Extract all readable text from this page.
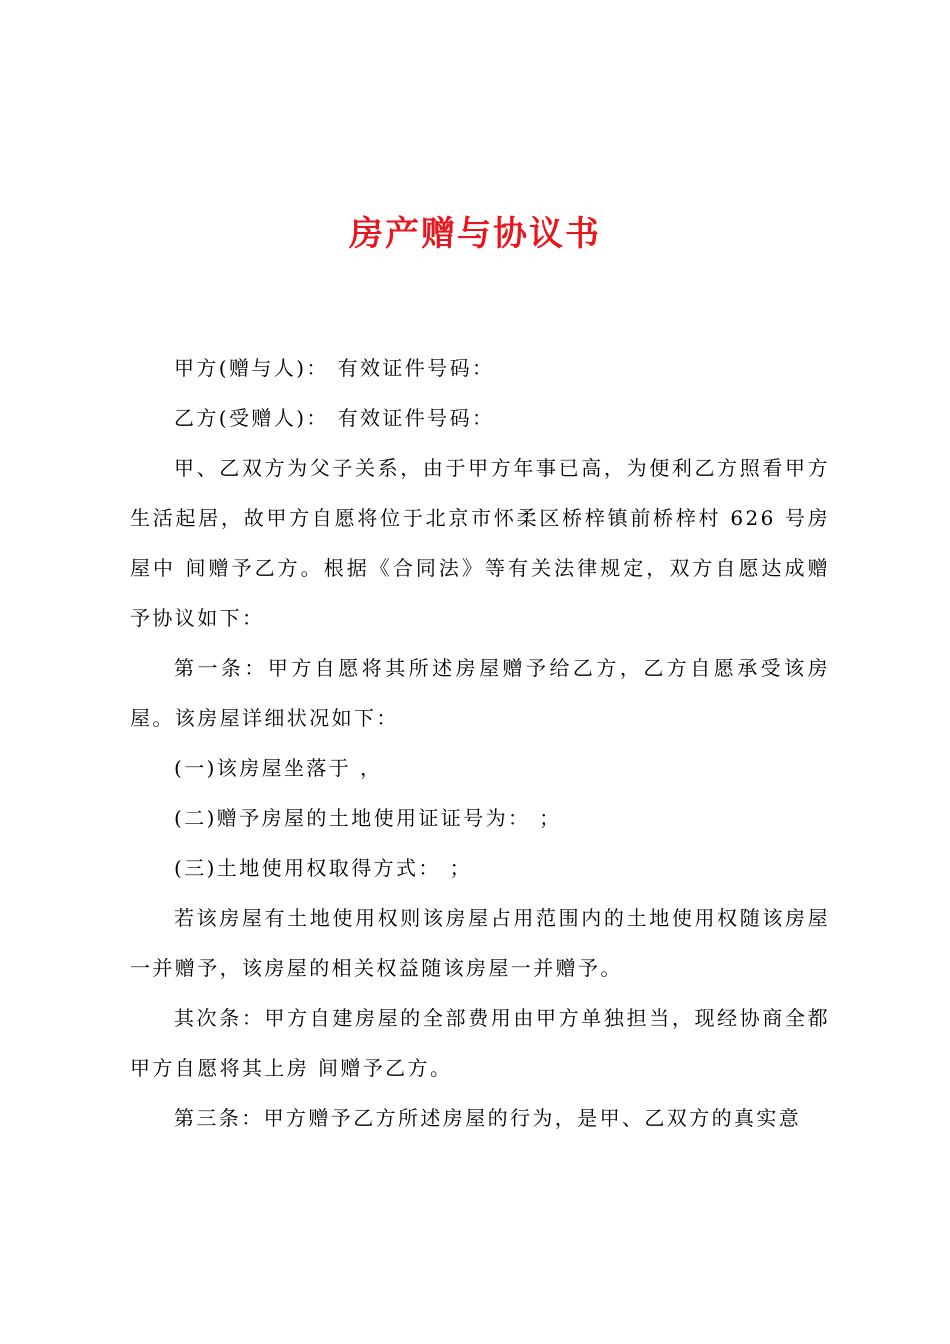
房产赠与协议书

甲方(赠与人)： 有效证件号码：

乙方(受赠人)： 有效证件号码：

甲、乙双方为父子关系，由于甲方年事已高，为便利乙方照看甲方生活起居，故甲方自愿将位于北京市怀柔区桥梓镇前桥梓村 626 号房屋中 间赠予乙方。根据《合同法》等有关法律规定，双方自愿达成赠予协议如下：

第一条：甲方自愿将其所述房屋赠予给乙方，乙方自愿承受该房屋。该房屋详细状况如下：

(一)该房屋坐落于 ，

(二)赠予房屋的土地使用证证号为： ；

(三)土地使用权取得方式： ；

若该房屋有土地使用权则该房屋占用范围内的土地使用权随该房屋一并赠予，该房屋的相关权益随该房屋一并赠予。

其次条：甲方自建房屋的全部费用由甲方单独担当，现经协商全都甲方自愿将其上房 间赠予乙方。

第三条：甲方赠予乙方所述房屋的行为，是甲、乙双方的真实意
